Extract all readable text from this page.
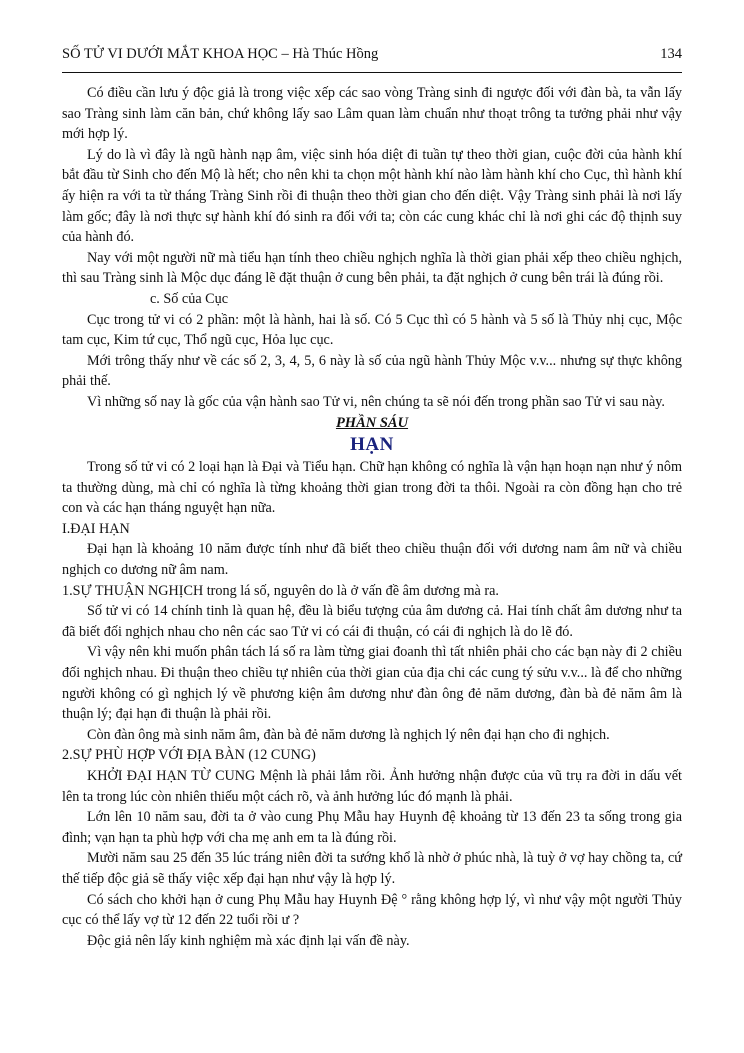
SỐ TỬ VI DƯỚI MẮT KHOA HỌC – Hà Thúc Hồng	134

Có điều cần lưu ý độc giả là trong việc xếp các sao vòng Tràng sinh đi ngược đối với đàn bà, ta vẫn lấy sao Tràng sinh làm căn bản, chứ không lấy sao Lâm quan làm chuẩn như thoạt trông ta tưởng phải như vậy mới hợp lý.

Lý do là vì đây là ngũ hành nạp âm, việc sinh hóa diệt đi tuần tự theo thời gian, cuộc đời của hành khí bắt đầu từ Sinh cho đến Mộ là hết; cho nên khi ta chọn một hành khí nào làm hành khí cho Cục, thì hành khí ấy hiện ra với ta từ tháng Tràng Sinh rồi đi thuận theo thời gian cho đến diệt. Vậy Tràng sinh phải là nơi lấy làm gốc; đây là nơi thực sự hành khí đó sinh ra đối với ta; còn các cung khác chỉ là nơi ghi các độ thịnh suy của hành đó.

Nay với một người nữ mà tiểu hạn tính theo chiều nghịch nghĩa là thời gian phải xếp theo chiều nghịch, thì sau Tràng sinh là Mộc dục đáng lẽ đặt thuận ở cung bên phải, ta đặt nghịch ở cung bên trái là đúng rồi.

c. Số của Cục

Cục trong tử vi có 2 phần: một là hành, hai là số. Có 5 Cục thì có 5 hành và 5 số là Thủy nhị cục, Mộc tam cục, Kim tứ cục, Thổ ngũ cục, Hỏa lục cục.

Mới trông thấy như về các số 2, 3, 4, 5, 6 này là số của ngũ hành Thủy Mộc v.v... nhưng sự thực không phải thế.

Vì những số nay là gốc của vận hành sao Tử vi, nên chúng ta sẽ nói đến trong phần sao Tử vi sau này.

PHẦN SÁU

HẠN

Trong số tử vi có 2 loại hạn là Đại và Tiểu hạn. Chữ hạn không có nghĩa là vận hạn hoạn nạn như ý nôm ta thường dùng, mà chỉ có nghĩa là từng khoảng thời gian trong đời ta thôi. Ngoài ra còn đồng hạn cho trẻ con và các hạn tháng nguyệt hạn nữa.

I.ĐẠI HẠN

Đại hạn là khoảng 10 năm được tính như đã biết theo chiều thuận đối với dương nam âm nữ và chiều nghịch co dương nữ âm nam.

1.SỰ THUẬN NGHỊCH trong lá số, nguyên do là ở vấn đề âm dương mà ra.

Số tử vi có 14 chính tinh là quan hệ, đều là biểu tượng của âm dương cả. Hai tính chất âm dương như ta đã biết đối nghịch nhau cho nên các sao Tử vi có cái đi thuận, có cái đi nghịch là do lẽ đó.

Vì vậy nên khi muốn phân tách lá số ra làm từng giai đoanh thì tất nhiên phải cho các bạn này đi 2 chiều đối nghịch nhau. Đi thuận theo chiều tự nhiên của thời gian của địa chi các cung tý sửu v.v... là để cho những người không có gì nghịch lý về phương kiện âm dương như đàn ông đẻ năm dương, đàn bà đẻ năm âm là thuận lý; đại hạn đi thuận là phải rồi.

Còn đàn ông mà sinh năm âm, đàn bà đẻ năm dương là nghịch lý nên đại hạn cho đi nghịch.

2.SỰ PHÙ HỢP VỚI ĐỊA BÀN (12 CUNG)

KHỞI ĐẠI HẠN TỪ CUNG Mệnh là phải lắm rồi. Ảnh hưởng nhận được của vũ trụ ra đời in dấu vết lên ta trong lúc còn nhiên thiếu một cách rõ, và ảnh hưởng lúc đó mạnh là phải.

Lớn lên 10 năm sau, đời ta ở vào cung Phụ Mẫu hay Huynh đệ khoảng từ 13 đến 23 ta sống trong gia đình; vạn hạn ta phù hợp với cha mẹ anh em ta là đúng rồi.

Mười năm sau 25 đến 35 lúc tráng niên đời ta sướng khổ là nhờ ở phúc nhà, là tuỳ ở vợ hay chồng ta, cứ thế tiếp độc giả sẽ thấy việc xếp đại hạn như vậy là hợp lý.

Có sách cho khởi hạn ở cung Phụ Mẫu hay Huynh Đệ ° rằng không hợp lý, vì như vậy một người Thủy cục có thể lấy vợ từ 12 đến 22 tuổi rồi ư ?

Độc giả nên lấy kinh nghiệm mà xác định lại vấn đề này.
